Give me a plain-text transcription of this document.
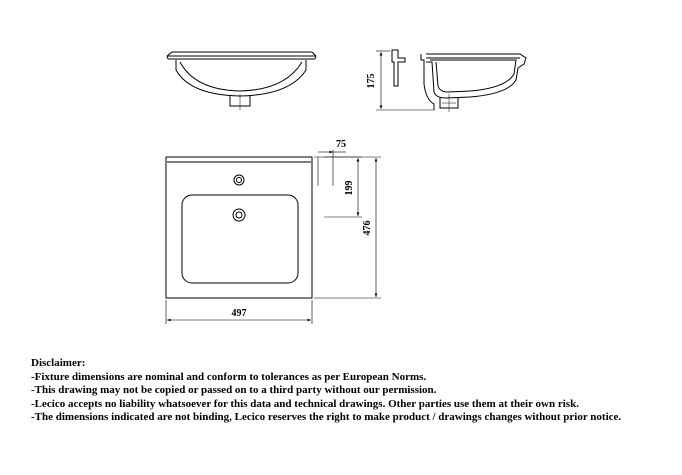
175
75
199
476
497
Disclaimer:
-Fixture dimensions are nominal and conform to tolerances as per European Norms.
-This drawing may not be copied or passed on to a third party without our permission.
-Lecico accepts no liability whatsoever for this data and technical drawings. Other parties use them at their own risk.
-The dimensions indicated are not binding, Lecico reserves the right to make product / drawings changes without prior notice.
